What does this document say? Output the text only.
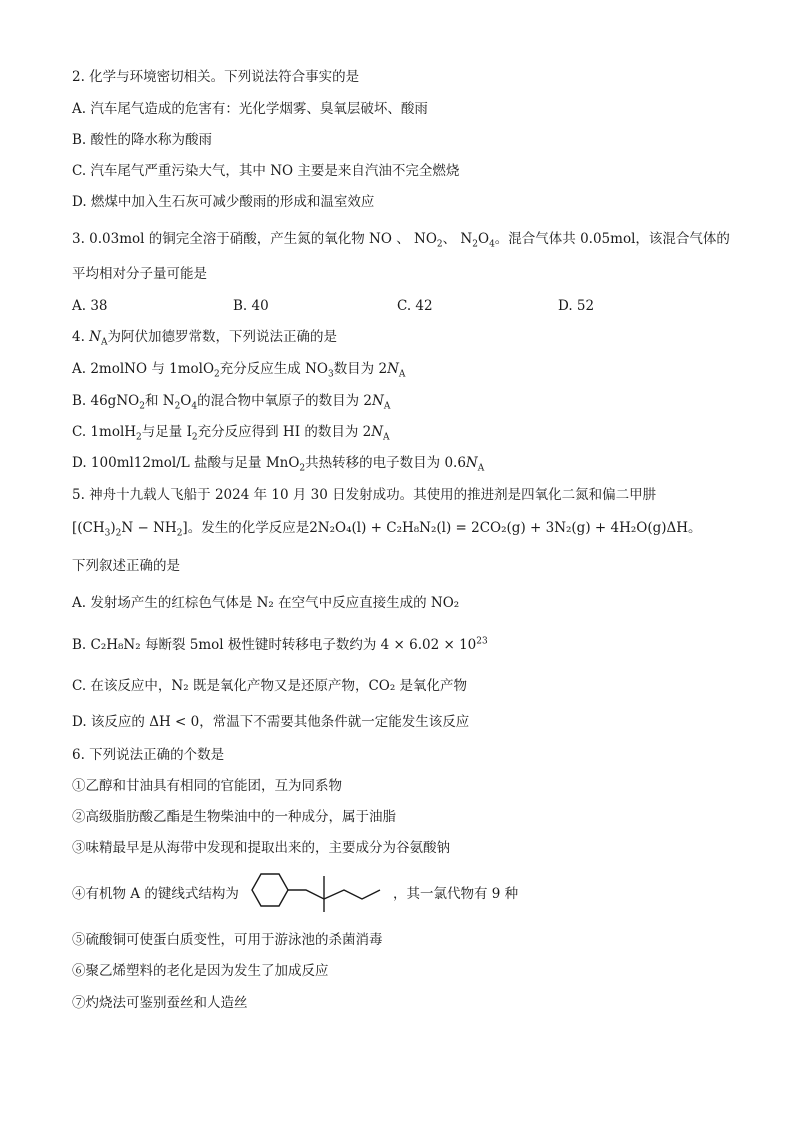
2. 化学与环境密切相关。下列说法符合事实的是
A. 汽车尾气造成的危害有：光化学烟雾、臭氧层破坏、酸雨
B. 酸性的降水称为酸雨
C. 汽车尾气严重污染大气，其中 NO 主要是来自汽油不完全燃烧
D. 燃煤中加入生石灰可减少酸雨的形成和温室效应
3. 0.03mol 的铜完全溶于硝酸，产生氮的氧化物 NO 、 $NO_2$、 $N_2O_4$。混合气体共 0.05mol，该混合气体的
平均相对分子量可能是
A. 38	B. 40	C. 42	D. 52
4. $N_A$为阿伏加德罗常数，下列说法正确的是
A. 2molNO 与 1molO$_2$充分反应生成 $NO_3$数目为 $2N_A$
B. 46gNO$_2$和 $N_2O_4$的混合物中氧原子的数目为 $2N_A$
C. 1molH$_2$与足量 $I_2$充分反应得到 HI 的数目为 $2N_A$
D. 100ml12mol/L 盐酸与足量 MnO$_2$共热转移的电子数目为 $0.6N_A$
5. 神舟十九载人飞船于 2024 年 10 月 30 日发射成功。其使用的推进剂是四氧化二氮和偏二甲肼
$[(CH_3)_2N - NH_2]$。发生的化学反应是2N₂O₄(l) + C₂H₈N₂(l) = 2CO₂(g) + 3N₂(g) + 4H₂O(g)ΔH。
下列叙述正确的是
A. 发射场产生的红棕色气体是 N₂ 在空气中反应直接生成的 NO₂
B. C₂H₈N₂ 每断裂 5mol 极性键时转移电子数约为 $4 \times 6.02 \times 10^{23}$
C. 在该反应中，N₂ 既是氧化产物又是还原产物，CO₂ 是氧化产物
D. 该反应的 ΔH < 0，常温下不需要其他条件就一定能发生该反应
6. 下列说法正确的个数是
①乙醇和甘油具有相同的官能团，互为同系物
②高级脂肪酸乙酯是生物柴油中的一种成分，属于油脂
③味精最早是从海带中发现和提取出来的，主要成分为谷氨酸钠
④有机物 A 的键线式结构为	，其一氯代物有 9 种
⑤硫酸铜可使蛋白质变性，可用于游泳池的杀菌消毒
⑥聚乙烯塑料的老化是因为发生了加成反应
⑦灼烧法可鉴别蚕丝和人造丝
